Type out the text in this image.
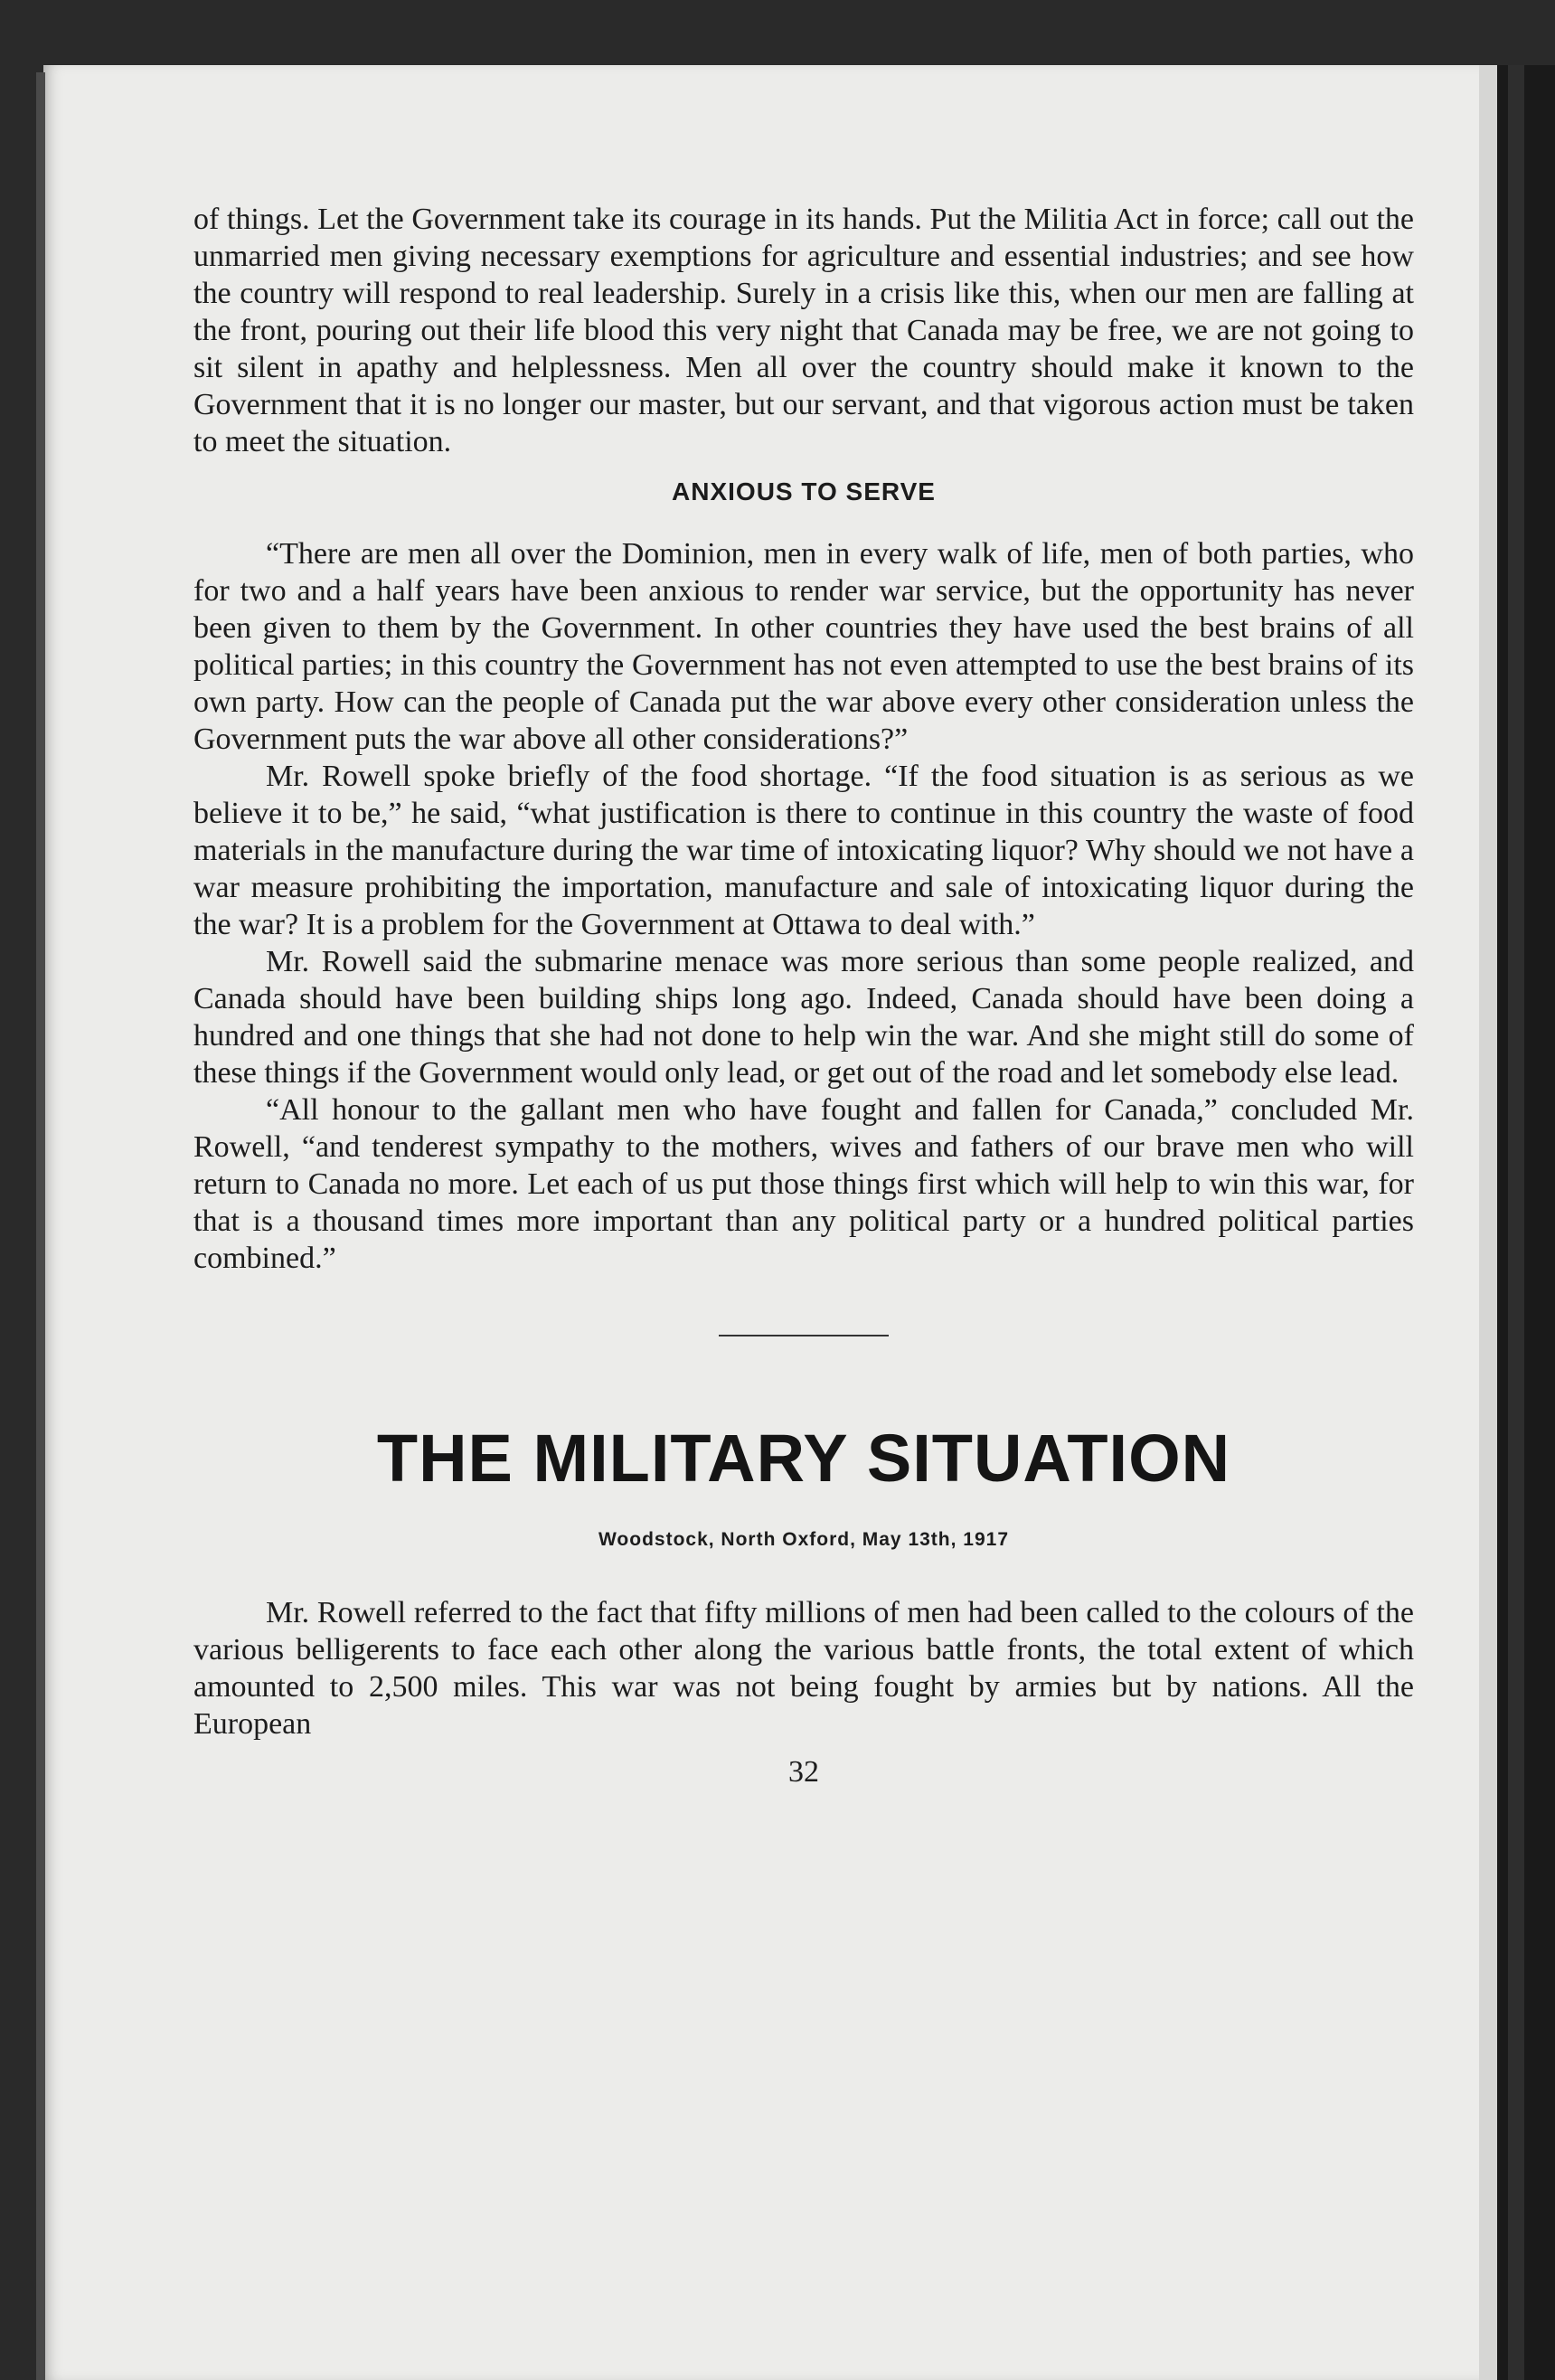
of things. Let the Government take its courage in its hands. Put the Militia Act in force; call out the unmarried men giving necessary exemptions for agriculture and essential industries; and see how the country will respond to real leadership. Surely in a crisis like this, when our men are falling at the front, pouring out their life blood this very night that Canada may be free, we are not going to sit silent in apathy and helplessness. Men all over the country should make it known to the Government that it is no longer our master, but our servant, and that vigorous action must be taken to meet the situation.

ANXIOUS TO SERVE

“There are men all over the Dominion, men in every walk of life, men of both parties, who for two and a half years have been anxious to render war service, but the opportunity has never been given to them by the Government. In other countries they have used the best brains of all political parties; in this country the Government has not even attempted to use the best brains of its own party. How can the people of Canada put the war above every other consideration unless the Government puts the war above all other considerations?”

Mr. Rowell spoke briefly of the food shortage. “If the food situation is as serious as we believe it to be,” he said, “what justification is there to continue in this country the waste of food materials in the manufacture during the war time of intoxicating liquor? Why should we not have a war measure prohibiting the importation, manufacture and sale of intoxicating liquor during the the war? It is a problem for the Government at Ottawa to deal with.”

Mr. Rowell said the submarine menace was more serious than some people realized, and Canada should have been building ships long ago. Indeed, Canada should have been doing a hundred and one things that she had not done to help win the war. And she might still do some of these things if the Government would only lead, or get out of the road and let somebody else lead.

“All honour to the gallant men who have fought and fallen for Canada,” concluded Mr. Rowell, “and tenderest sympathy to the mothers, wives and fathers of our brave men who will return to Canada no more. Let each of us put those things first which will help to win this war, for that is a thousand times more important than any political party or a hundred political parties combined.”

THE MILITARY SITUATION
Woodstock, North Oxford, May 13th, 1917

Mr. Rowell referred to the fact that fifty millions of men had been called to the colours of the various belligerents to face each other along the various battle fronts, the total extent of which amounted to 2,500 miles. This war was not being fought by armies but by nations. All the European

32
